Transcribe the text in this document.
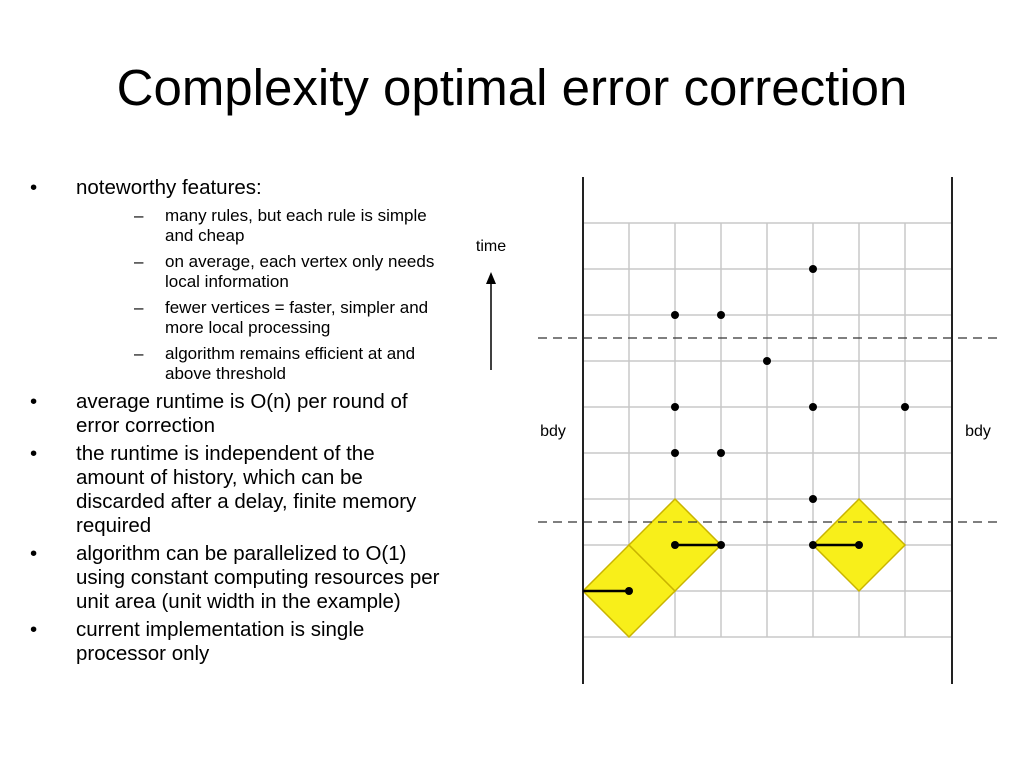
Complexity optimal error correction
• noteworthy features:
– many rules, but each rule is simple and cheap
– on average, each vertex only needs local information
– fewer vertices = faster, simpler and more local processing
– algorithm remains efficient at and above threshold
• average runtime is O(n) per round of error correction
• the runtime is independent of the amount of history, which can be discarded after a delay, finite memory required
• algorithm can be parallelized to O(1) using constant computing resources per unit area (unit width in the example)
• current implementation is single processor only
time
bdy	bdy
